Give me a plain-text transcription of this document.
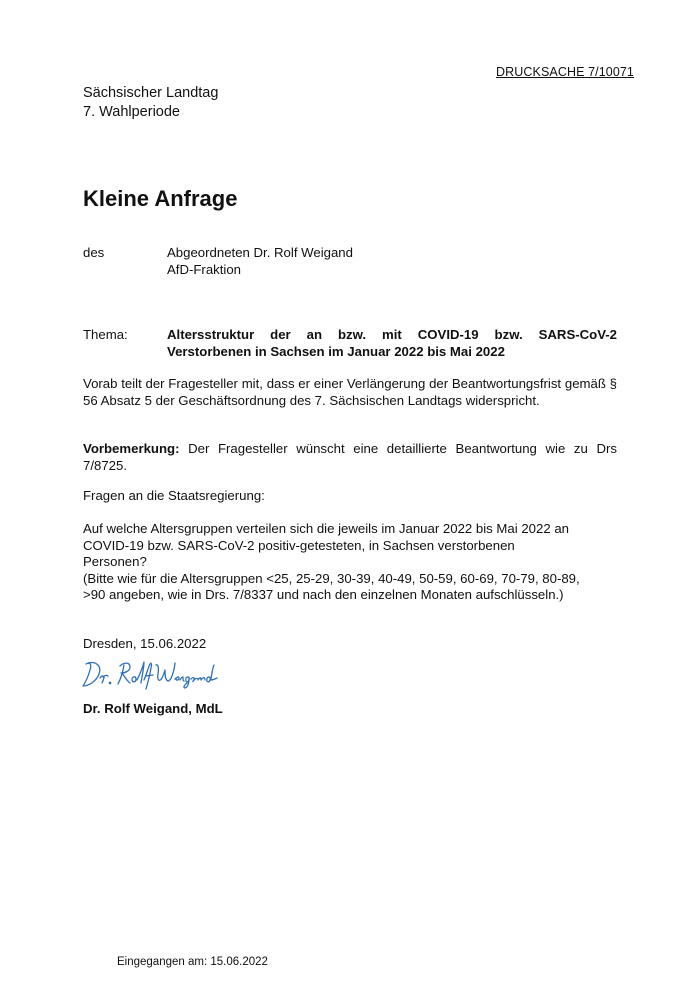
DRUCKSACHE 7/10071
Sächsischer Landtag
7. Wahlperiode
Kleine Anfrage
des	Abgeordneten Dr. Rolf Weigand
AfD-Fraktion
Thema:	Altersstruktur der an bzw. mit COVID-19 bzw. SARS-CoV-2
Verstorbenen in Sachsen im Januar 2022 bis Mai 2022

Vorab teilt der Fragesteller mit, dass er einer Verlängerung der Beantwortungsfrist gemäß § 56 Absatz 5 der Geschäftsordnung des 7. Sächsischen Landtags widerspricht.

Vorbemerkung: Der Fragesteller wünscht eine detaillierte Beantwortung wie zu Drs 7/8725.

Fragen an die Staatsregierung:

Auf welche Altersgruppen verteilen sich die jeweils im Januar 2022 bis Mai 2022 an
COVID-19 bzw. SARS-CoV-2 positiv-getesteten, in Sachsen verstorbenen
Personen?
(Bitte wie für die Altersgruppen <25, 25-29, 30-39, 40-49, 50-59, 60-69, 70-79, 80-89,
>90 angeben, wie in Drs. 7/8337 und nach den einzelnen Monaten aufschlüsseln.)
Dresden, 15.06.2022
Dr. Rolf Weigand, MdL
Eingegangen am: 15.06.2022
